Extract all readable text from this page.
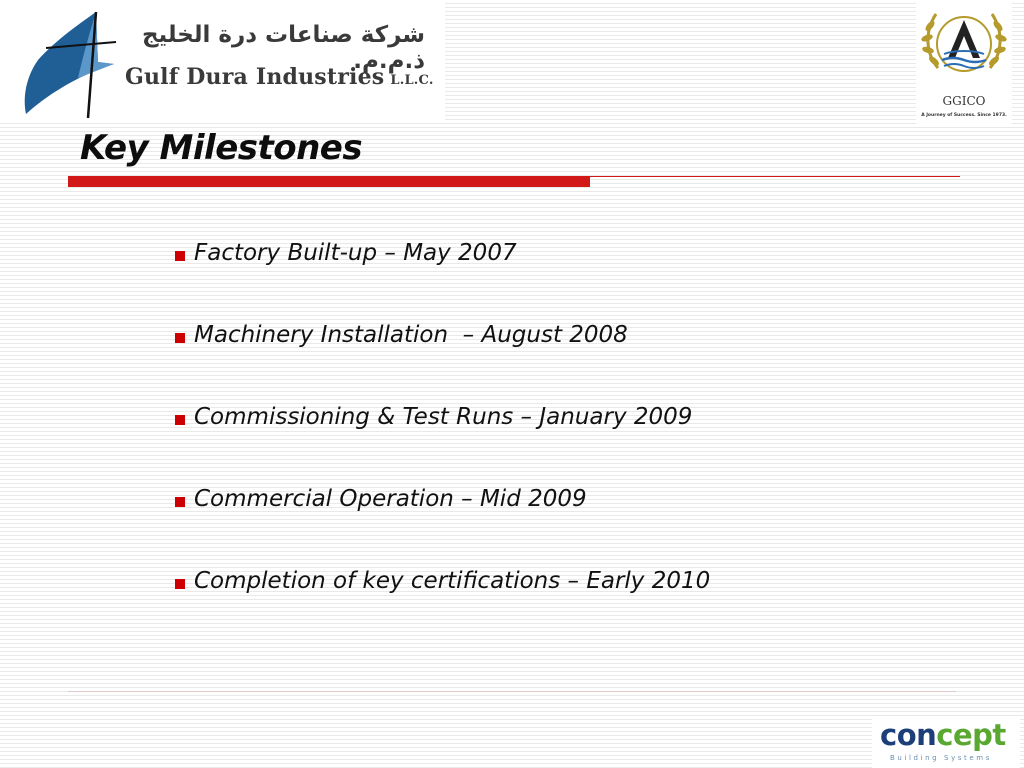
شركة صناعات درة الخليج ذ.م.م.
Gulf Dura Industries L.L.C.
GGICO
A Journey of Success. Since 1973.
Key Milestones
Factory Built-up – May 2007
Machinery Installation  – August 2008
Commissioning & Test Runs – January 2009
Commercial Operation – Mid 2009
Completion of key certifications – Early 2010
concept
Building Systems
